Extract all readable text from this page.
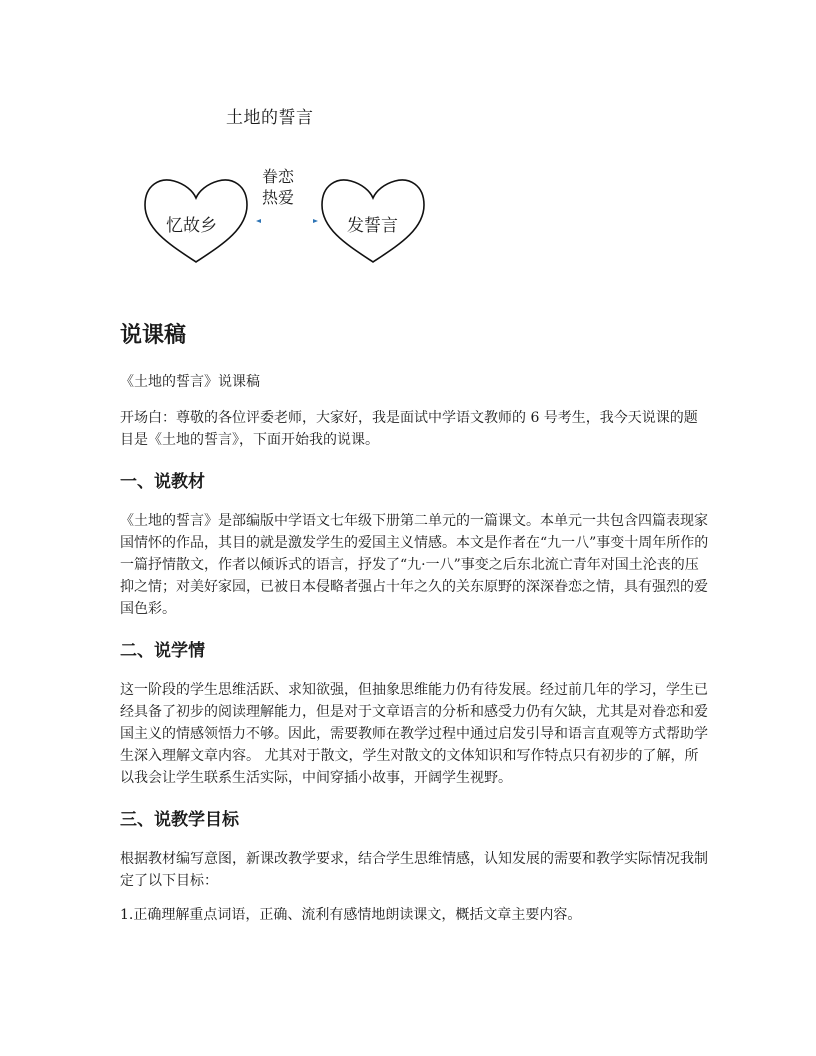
土地的誓言
忆故乡	发誓言
眷恋
热爱
说课稿

《土地的誓言》说课稿

开场白：尊敬的各位评委老师，大家好，我是面试中学语文教师的 6 号考生，我今天说课的题目是《土地的誓言》，下面开始我的说课。

一、说教材

《土地的誓言》是部编版中学语文七年级下册第二单元的一篇课文。本单元一共包含四篇表现家国情怀的作品，其目的就是激发学生的爱国主义情感。本文是作者在“九一八”事变十周年所作的一篇抒情散文，作者以倾诉式的语言，抒发了“九·一八”事变之后东北流亡青年对国土沦丧的压抑之情；对美好家园，已被日本侵略者强占十年之久的关东原野的深深眷恋之情，具有强烈的爱国色彩。

二、说学情

这一阶段的学生思维活跃、求知欲强，但抽象思维能力仍有待发展。经过前几年的学习，学生已经具备了初步的阅读理解能力，但是对于文章语言的分析和感受力仍有欠缺，尤其是对眷恋和爱国主义的情感领悟力不够。因此，需要教师在教学过程中通过启发引导和语言直观等方式帮助学生深入理解文章内容。 尤其对于散文，学生对散文的文体知识和写作特点只有初步的了解，所以我会让学生联系生活实际，中间穿插小故事，开阔学生视野。

三、说教学目标

根据教材编写意图，新课改教学要求，结合学生思维情感，认知发展的需要和教学实际情况我制定了以下目标：

1.正确理解重点词语，正确、流利有感情地朗读课文，概括文章主要内容。
